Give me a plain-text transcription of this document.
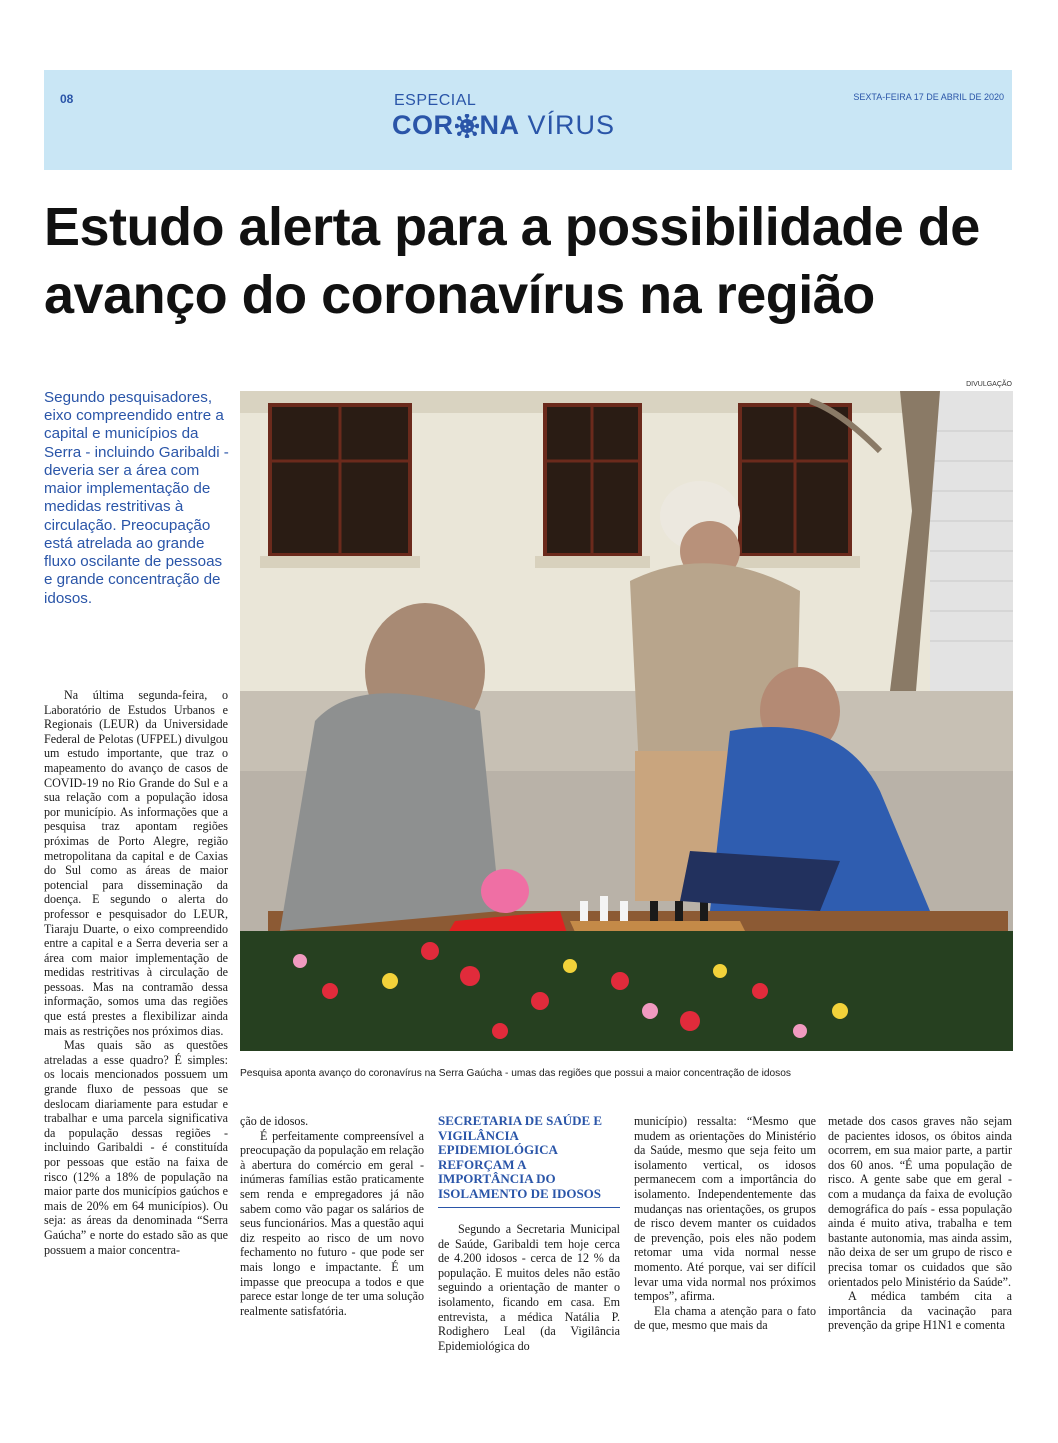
08	ESPECIAL
COR NA VÍRUS
SEXTA-FEIRA 17 DE ABRIL DE 2020
Estudo alerta para a possibilidade de avanço do coronavírus na região

Segundo pesquisadores, eixo compreendido entre a capital e municípios da Serra - incluindo Garibaldi - deveria ser a área com maior implementação de medidas restritivas à circulação. Preocupação está atrelada ao grande fluxo oscilante de pessoas e grande concentração de idosos.

DIVULGAÇÃO
Pesquisa aponta avanço do coronavírus na Serra Gaúcha - umas das regiões que possui a maior concentração de idosos

Na última segunda-feira, o Laboratório de Estudos Urbanos e Regionais (LEUR) da Universidade Federal de Pelotas (UFPEL) divulgou um estudo importante, que traz o mapeamento do avanço de casos de COVID-19 no Rio Grande do Sul e a sua relação com a população idosa por município. As informações que a pesquisa traz apontam regiões próximas de Porto Alegre, região metropolitana da capital e de Caxias do Sul como as áreas de maior potencial para disseminação da doença. E segundo o alerta do professor e pesquisador do LEUR, Tiaraju Duarte, o eixo compreendido entre a capital e a Serra deveria ser a área com maior implementação de medidas restritivas à circulação de pessoas. Mas na contramão dessa informação, somos uma das regiões que está prestes a flexibilizar ainda mais as restrições nos próximos dias.

Mas quais são as questões atreladas a esse quadro? É simples: os locais mencionados possuem um grande fluxo de pessoas que se deslocam diariamente para estudar e trabalhar e uma parcela significativa da população dessas regiões - incluindo Garibaldi - é constituída por pessoas que estão na faixa de risco (12% a 18% de população na maior parte dos municípios gaúchos e mais de 20% em 64 municípios). Ou seja: as áreas da denominada “Serra Gaúcha” e norte do estado são as que possuem a maior concentra-

ção de idosos.

É perfeitamente compreensível a preocupação da população em relação à abertura do comércio em geral - inúmeras famílias estão praticamente sem renda e empregadores já não sabem como vão pagar os salários de seus funcionários. Mas a questão aqui diz respeito ao risco de um novo fechamento no futuro - que pode ser mais longo e impactante. É um impasse que preocupa a todos e que parece estar longe de ter uma solução realmente satisfatória.

SECRETARIA DE SAÚDE E VIGILÂNCIA EPIDEMIOLÓGICA REFORÇAM A IMPORTÂNCIA DO ISOLAMENTO DE IDOSOS

Segundo a Secretaria Municipal de Saúde, Garibaldi tem hoje cerca de 4.200 idosos - cerca de 12 % da população. E muitos deles não estão seguindo a orientação de manter o isolamento, ficando em casa. Em entrevista, a médica Natália P. Rodighero Leal (da Vigilância Epidemiológica do

município) ressalta: “Mesmo que mudem as orientações do Ministério da Saúde, mesmo que seja feito um isolamento vertical, os idosos permanecem com a importância do isolamento. Independentemente das mudanças nas orientações, os grupos de risco devem manter os cuidados de prevenção, pois eles não podem retomar uma vida normal nesse momento. Até porque, vai ser difícil levar uma vida normal nos próximos tempos”, afirma.

Ela chama a atenção para o fato de que, mesmo que mais da

metade dos casos graves não sejam de pacientes idosos, os óbitos ainda ocorrem, em sua maior parte, a partir dos 60 anos. “É uma população de risco. A gente sabe que em geral - com a mudança da faixa de evolução demográfica do país - essa população ainda é muito ativa, trabalha e tem bastante autonomia, mas ainda assim, não deixa de ser um grupo de risco e precisa tomar os cuidados que são orientados pelo Ministério da Saúde”.

A médica também cita a importância da vacinação para prevenção da gripe H1N1 e comenta
